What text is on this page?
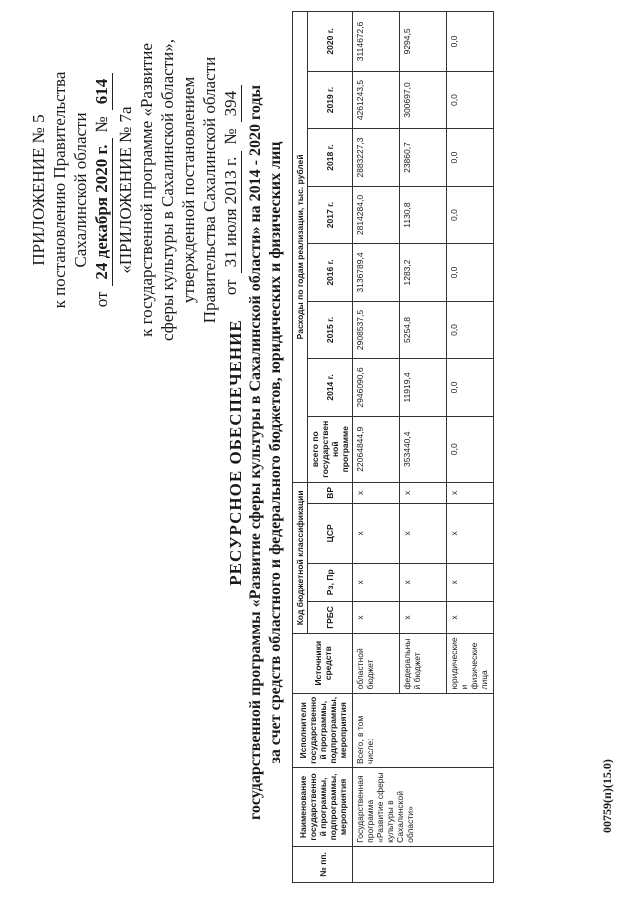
ПРИЛОЖЕНИЕ № 5 к постановлению Правительства Сахалинской области
от
24 декабря 2020 г.
№
614
«ПРИЛОЖЕНИЕ № 7а к государственной программе «Развитие сферы культуры в Сахалинской области», утвержденной постановлением Правительства Сахалинской области от
31 июля 2013 г.
№
394
РЕСУРСНОЕ ОБЕСПЕЧЕНИЕ государственной программы «Развитие сферы культуры в Сахалинской области» на 2014 - 2020 годы за счет средств областного и федерального бюджетов, юридических и физических лиц
№ пп.	Наименование государственной программы, подпрограммы, мероприятия	Исполнители государственной программы, подпрограммы, мероприятия	Источники средств	Код бюджетной классификации				Расходы по годам реализации, тыс. рублей							
				ГРБС	Рз, Пр	ЦСР	ВР	всего по государственной программе	2014 г.	2015 г.	2016 г.	2017 г.	2018 г.	2019 г.	2020 г.
	Государственная программа «Развитие сферы культуры в Сахалинской области»	Всего, в том числе:	областной бюджет	х	х	х	х	22064844,9	2946090,6	2908537,5	3136789,4	2814284,0	2883227,3	4261243,5	3114672,6
			федеральный бюджет	х	х	х	х	353440,4	11919,4	5254,8	1283,2	1130,8	23860,7	300697,0	9294,5
			юридические и физические лица	х	х	х	х	0,0	0,0	0,0	0,0	0,0	0,0	0,0	0,0
00759(п)(15.0)
